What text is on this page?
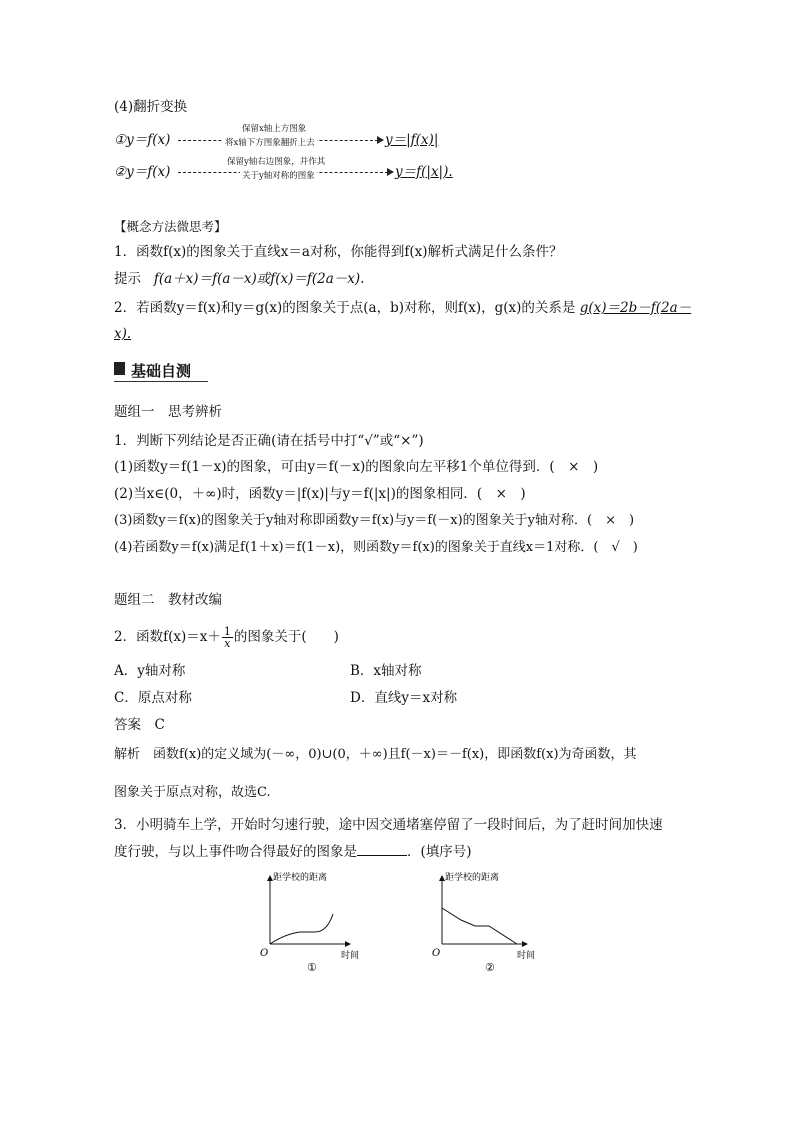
(4)翻折变换
①y＝f(x)
保留x轴上方图象
将x轴下方图象翻折上去	y＝|f(x)|
②y＝f(x)
保留y轴右边图象，并作其
关于y轴对称的图象	y＝f(|x|).
【概念方法微思考】
1．函数f(x)的图象关于直线x＝a对称，你能得到f(x)解析式满足什么条件？
提示 f(a＋x)＝f(a－x)或f(x)＝f(2a－x).
2．若函数y＝f(x)和y＝g(x)的图象关于点(a，b)对称，则f(x)，g(x)的关系是 g(x)＝2b－f(2a－
x).
基础自测
题组一　思考辨析
1．判断下列结论是否正确(请在括号中打“√”或“×”)
(1)函数y＝f(1－x)的图象，可由y＝f(－x)的图象向左平移1个单位得到．(　×　)
(2)当x∈(0，＋∞)时，函数y＝|f(x)|与y＝f(|x|)的图象相同．(　×　)
(3)函数y＝f(x)的图象关于y轴对称即函数y＝f(x)与y＝f(－x)的图象关于y轴对称．(　×　)
(4)若函数y＝f(x)满足f(1＋x)＝f(1－x)，则函数y＝f(x)的图象关于直线x＝1对称．(　√　)
题组二　教材改编
2．函数$f(x)=x+ \frac{1}{x}$ 的图象关于(　　)
A．y轴对称	B．x轴对称
C．原点对称	D．直线y＝x对称
答案　C
解析　函数f(x)的定义域为(－∞，0)∪(0，＋∞)且f(－x)＝－f(x)，即函数f(x)为奇函数，其
图象关于原点对称，故选C.
3．小明骑车上学，开始时匀速行驶，途中因交通堵塞停留了一段时间后，为了赶时间加快速
度行驶，与以上事件吻合得最好的图象是	．(填序号)
距学校的距离
时间
O
①
距学校的距离
时间
O
②
